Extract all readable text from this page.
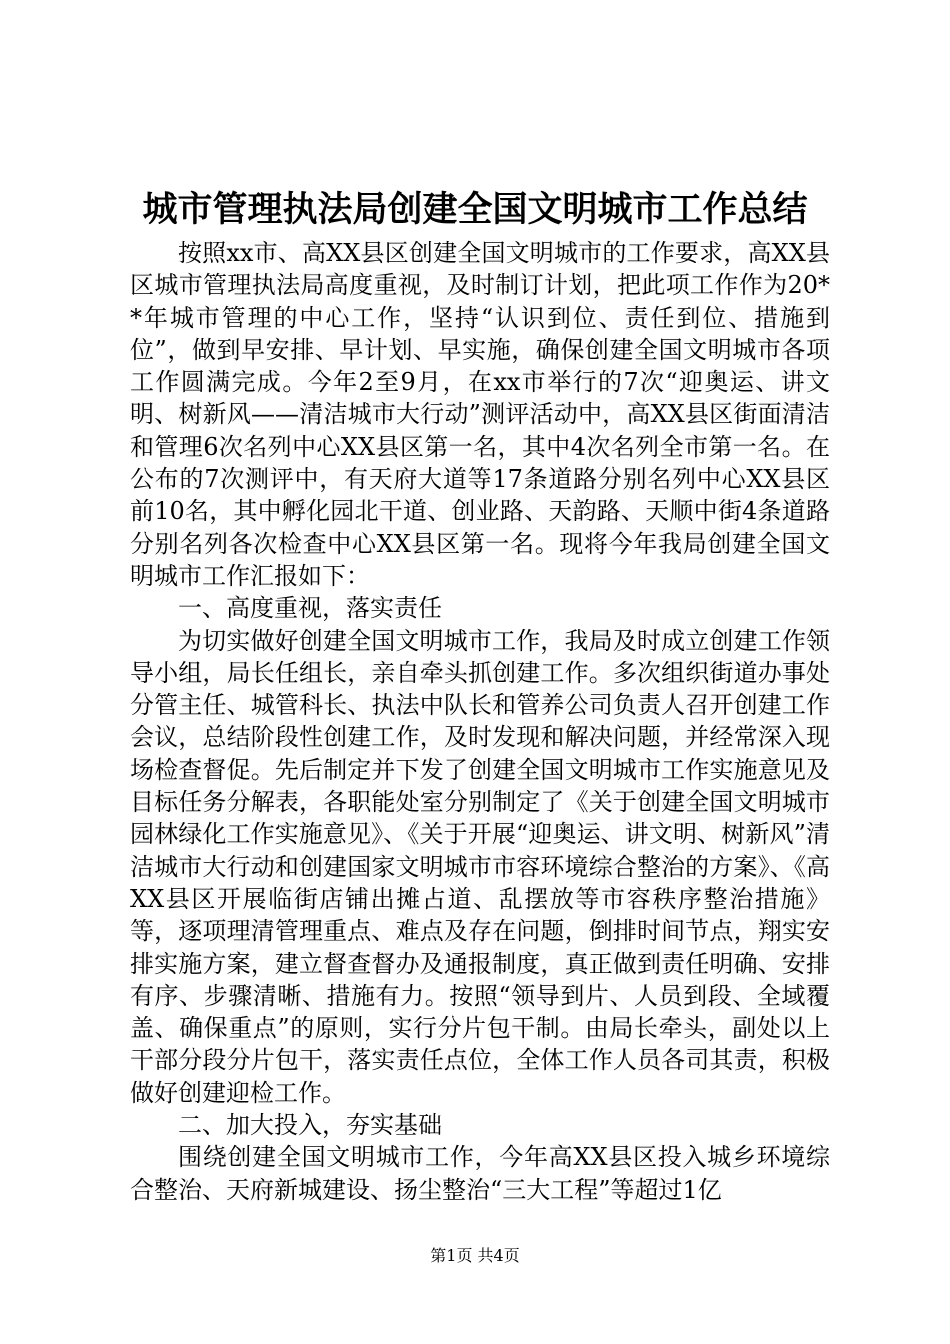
城市管理执法局创建全国文明城市工作总结

按照xx市、高XX县区创建全国文明城市的工作要求，高XX县区城市管理执法局高度重视，及时制订计划，把此项工作作为20**年城市管理的中心工作，坚持“认识到位、责任到位、措施到位”，做到早安排、早计划、早实施，确保创建全国文明城市各项工作圆满完成。今年2至9月，在xx市举行的7次“迎奥运、讲文明、树新风——清洁城市大行动”测评活动中，高XX县区街面清洁和管理6次名列中心XX县区第一名，其中4次名列全市第一名。在公布的7次测评中，有天府大道等17条道路分别名列中心XX县区前10名，其中孵化园北干道、创业路、天韵路、天顺中街4条道路分别名列各次检查中心XX县区第一名。现将今年我局创建全国文明城市工作汇报如下：

一、高度重视，落实责任

为切实做好创建全国文明城市工作，我局及时成立创建工作领导小组，局长任组长，亲自牵头抓创建工作。多次组织街道办事处分管主任、城管科长、执法中队长和管养公司负责人召开创建工作会议，总结阶段性创建工作，及时发现和解决问题，并经常深入现场检查督促。先后制定并下发了创建全国文明城市工作实施意见及目标任务分解表，各职能处室分别制定了《关于创建全国文明城市园林绿化工作实施意见》、《关于开展“迎奥运、讲文明、树新风”清洁城市大行动和创建国家文明城市市容环境综合整治的方案》、《高XX县区开展临街店铺出摊占道、乱摆放等市容秩序整治措施》等，逐项理清管理重点、难点及存在问题，倒排时间节点，翔实安排实施方案，建立督查督办及通报制度，真正做到责任明确、安排有序、步骤清晰、措施有力。按照“领导到片、人员到段、全域覆盖、确保重点”的原则，实行分片包干制。由局长牵头，副处以上干部分段分片包干，落实责任点位，全体工作人员各司其责，积极做好创建迎检工作。

二、加大投入，夯实基础

围绕创建全国文明城市工作，今年高XX县区投入城乡环境综合整治、天府新城建设、扬尘整治“三大工程”等超过1亿

第1页 共4页
